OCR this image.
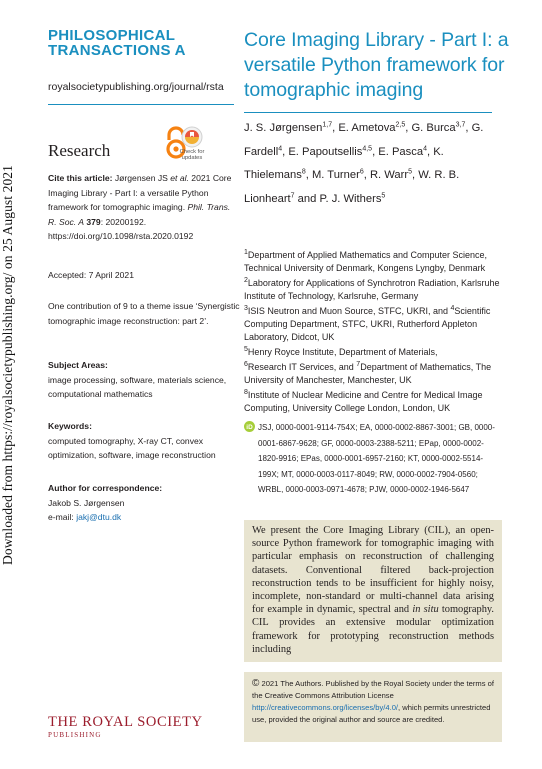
Downloaded from https://royalsocietypublishing.org/ on 25 August 2021
PHILOSOPHICAL
TRANSACTIONS A
royalsocietypublishing.org/journal/rsta
Research	Check for
updates
Cite this article: Jørgensen JS et al. 2021 Core Imaging Library - Part I: a versatile Python framework for tomographic imaging. Phil. Trans. R. Soc. A 379: 20200192.
https://doi.org/10.1098/rsta.2020.0192
Accepted: 7 April 2021
One contribution of 9 to a theme issue ‘Synergistic tomographic image reconstruction: part 2’.
Subject Areas:
image processing, software, materials science, computational mathematics
Keywords:
computed tomography, X-ray CT, convex optimization, software, image reconstruction
Author for correspondence:
Jakob S. Jørgensen
e-mail: jakj@dtu.dk
THE ROYAL SOCIETY
PUBLISHING
Core Imaging Library - Part I: a versatile Python framework for tomographic imaging
J. S. Jørgensen$^{1,7}$, E. Ametova$^{2,5}$, G. Burca$^{3,7}$, G. Fardell$^4$, E. Papoutsellis$^{4,5}$, E. Pasca$^4$, K. Thielemans$^8$, M. Turner$^6$, R. Warr$^5$, W. R. B. Lionheart$^7$ and P. J. Withers$^5$
$^1$Department of Applied Mathematics and Computer Science, Technical University of Denmark, Kongens Lyngby, Denmark
$^2$Laboratory for Applications of Synchrotron Radiation, Karlsruhe Institute of Technology, Karlsruhe, Germany
$^3$ISIS Neutron and Muon Source, STFC, UKRI, and $^4$Scientific Computing Department, STFC, UKRI, Rutherford Appleton Laboratory, Didcot, UK
$^5$Henry Royce Institute, Department of Materials,
$^6$Research IT Services, and $^7$Department of Mathematics, The University of Manchester, Manchester, UK
$^8$Institute of Nuclear Medicine and Centre for Medical Image Computing, University College London, London, UK
iD JSJ, 0000-0001-9114-754X; EA, 0000-0002-8867-3001; GB, 0000-0001-6867-9628; GF, 0000-0003-2388-5211; EPap, 0000-0002-1820-9916; EPas, 0000-0001-6957-2160; KT, 0000-0002-5514-199X; MT, 0000-0003-0117-8049; RW, 0000-0002-7904-0560; WRBL, 0000-0003-0971-4678; PJW, 0000-0002-1946-5647
We present the Core Imaging Library (CIL), an open-source Python framework for tomographic imaging with particular emphasis on reconstruction of challenging datasets. Conventional filtered back-projection reconstruction tends to be insufficient for highly noisy, incomplete, non-standard or multi-channel data arising for example in dynamic, spectral and in situ tomography. CIL provides an extensive modular optimization framework for prototyping reconstruction methods including
© 2021 The Authors. Published by the Royal Society under the terms of the Creative Commons Attribution License http://creativecommons.org/licenses/by/4.0/, which permits unrestricted use, provided the original author and source are credited.
